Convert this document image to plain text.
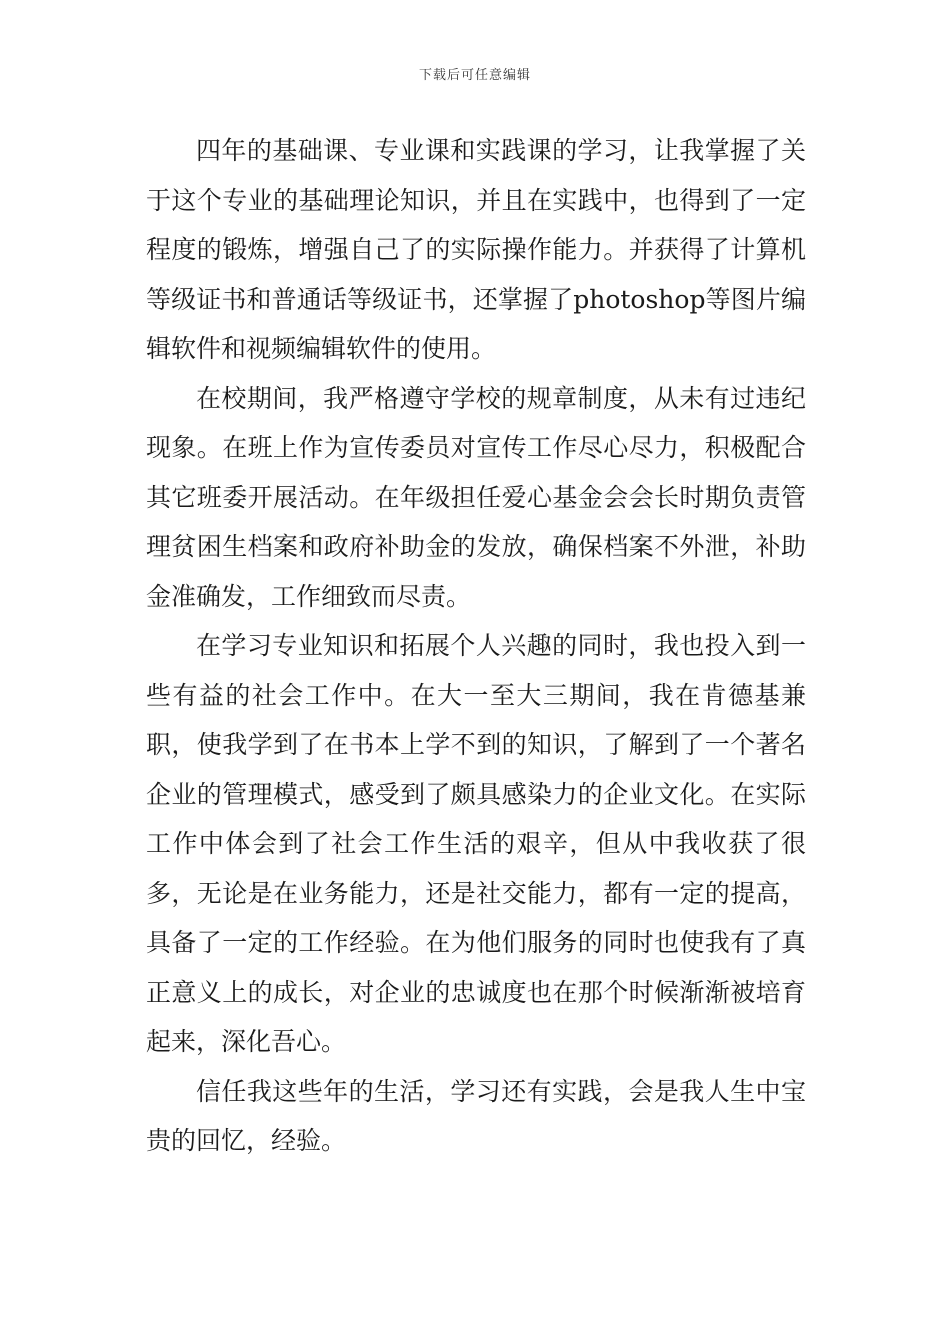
下载后可任意编辑

四年的基础课、专业课和实践课的学习，让我掌握了关于这个专业的基础理论知识，并且在实践中，也得到了一定程度的锻炼，增强自己了的实际操作能力。并获得了计算机等级证书和普通话等级证书，还掌握了photoshop等图片编辑软件和视频编辑软件的使用。

在校期间，我严格遵守学校的规章制度，从未有过违纪现象。在班上作为宣传委员对宣传工作尽心尽力，积极配合其它班委开展活动。在年级担任爱心基金会会长时期负责管理贫困生档案和政府补助金的发放，确保档案不外泄，补助金准确发，工作细致而尽责。

在学习专业知识和拓展个人兴趣的同时，我也投入到一些有益的社会工作中。在大一至大三期间，我在肯德基兼职，使我学到了在书本上学不到的知识，了解到了一个著名企业的管理模式，感受到了颇具感染力的企业文化。在实际工作中体会到了社会工作生活的艰辛，但从中我收获了很多，无论是在业务能力，还是社交能力，都有一定的提高，具备了一定的工作经验。在为他们服务的同时也使我有了真正意义上的成长，对企业的忠诚度也在那个时候渐渐被培育起来，深化吾心。

信任我这些年的生活，学习还有实践，会是我人生中宝贵的回忆，经验。
